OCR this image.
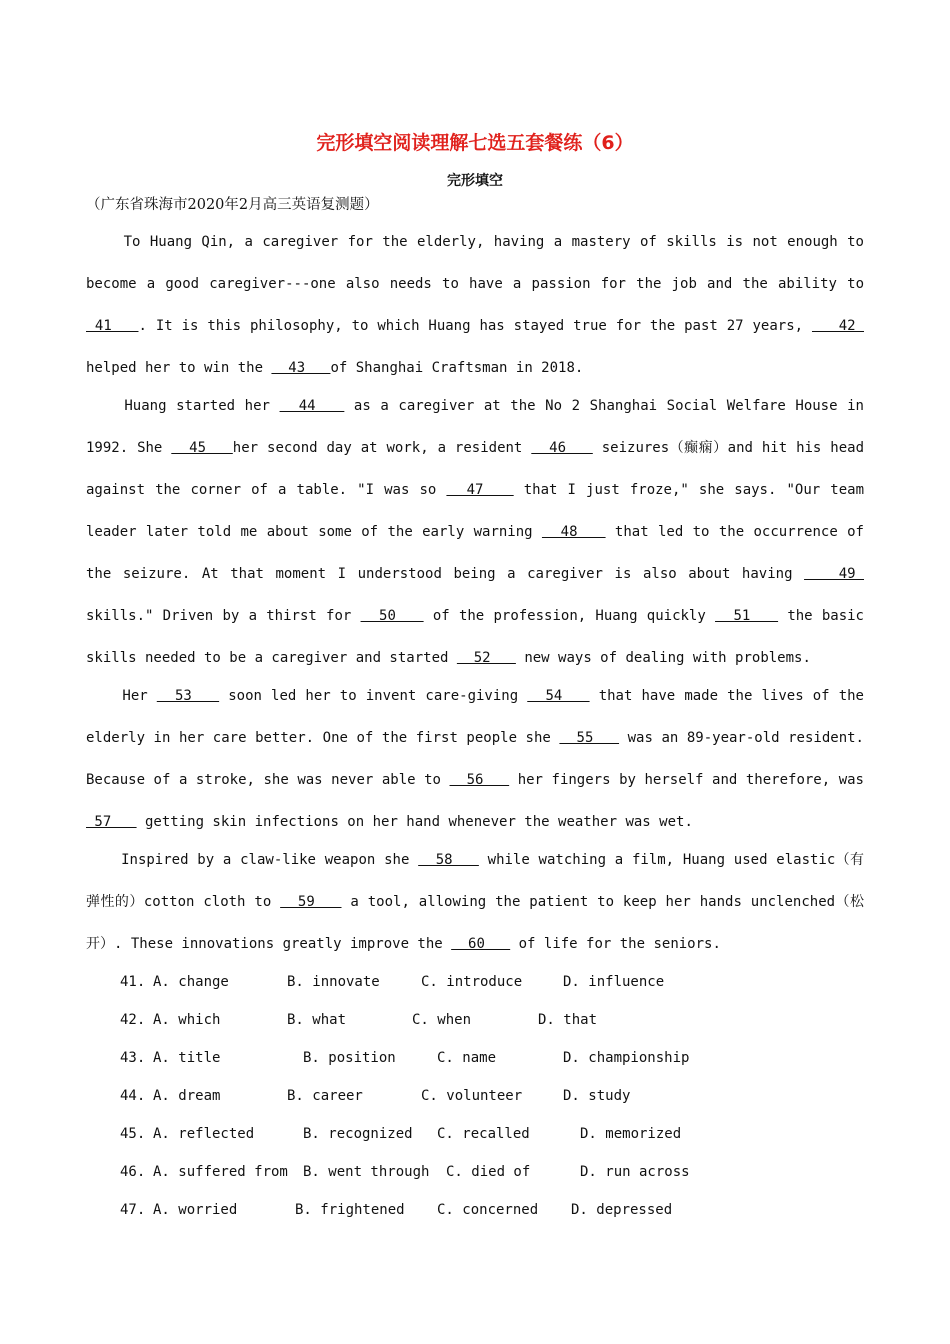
完形填空阅读理解七选五套餐练（6）
完形填空
（广东省珠海市2020年2月高三英语复测题）
To Huang Qin, a caregiver for the elderly, having a mastery of skills is not enough to
become a good caregiver---one also needs to have a passion for the job and the ability to
41   . It is this philosophy, to which Huang has stayed true for the past 27 years,    42
helped her to win the   43   of Shanghai Craftsman in 2018.
Huang started her   44    as a caregiver at the No 2 Shanghai Social Welfare House in
1992. She   45   her second day at work, a resident   46    seizures（癫痫）and hit his head
against the corner of a table. "I was so   47    that I just froze," she says. "Our team
leader later told me about some of the early warning   48    that led to the occurrence of
the seizure. At that moment I understood being a caregiver is also about having    49
skills." Driven by a thirst for   50    of the profession, Huang quickly   51    the basic
skills needed to be a caregiver and started   52    new ways of dealing with problems.
Her   53    soon led her to invent care-giving   54    that have made the lives of the
elderly in her care better. One of the first people she   55    was an 89-year-old resident.
Because of a stroke, she was never able to   56    her fingers by herself and therefore, was
57    getting skin infections on her hand whenever the weather was wet.
Inspired by a claw-like weapon she   58    while watching a film, Huang used elastic（有
弹性的）cotton cloth to   59    a tool, allowing the patient to keep her hands unclenched（松
开）. These innovations greatly improve the   60    of life for the seniors.
41. A. change	B. innovate	C. introduce	D. influence
42. A. which	B. what	C. when	D. that
43. A. title	B. position	C. name	D. championship
44. A. dream	B. career	C. volunteer	D. study
45. A. reflected	B. recognized C. recalled	D. memorized
46. A. suffered from B. went through C. died of	D. run across
47. A. worried	B. frightened C. concerned D. depressed
